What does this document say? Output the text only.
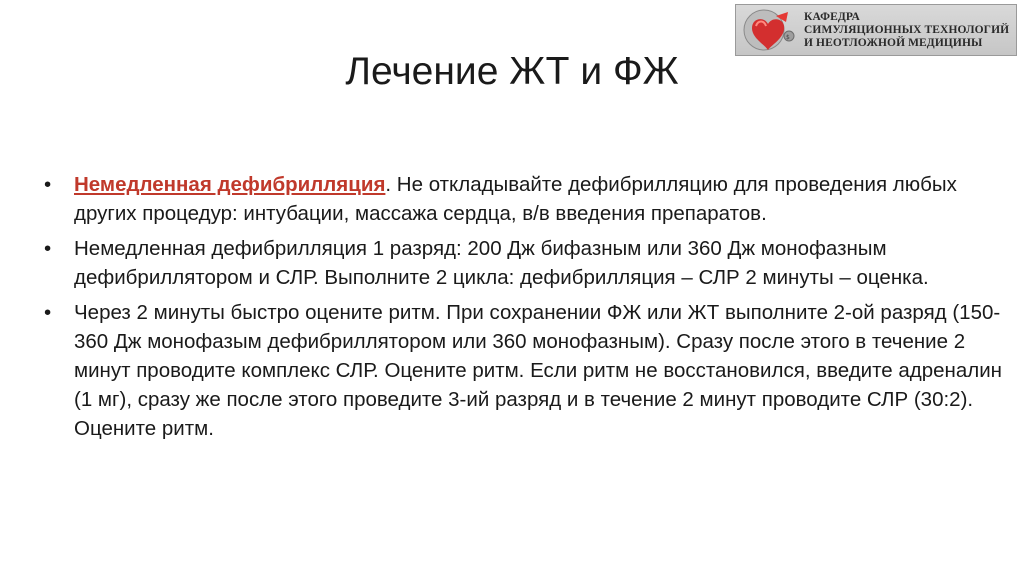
$
КАФЕДРА
СИМУЛЯЦИОННЫХ ТЕХНОЛОГИЙ
И НЕОТЛОЖНОЙ МЕДИЦИНЫ
Лечение ЖТ и ФЖ
• Немедленная дефибрилляция. Не откладывайте дефибрилляцию для проведения любых других процедур: интубации, массажа сердца, в/в введения препаратов.
• Немедленная дефибрилляция 1 разряд: 200 Дж бифазным или 360 Дж монофазным дефибриллятором и СЛР. Выполните 2 цикла: дефибрилляция – СЛР 2 минуты – оценка.
• Через 2 минуты быстро оцените ритм. При сохранении ФЖ или ЖТ выполните 2-ой разряд (150-360 Дж монофазым дефибриллятором или 360 монофазным). Сразу после этого в течение 2 минут проводите комплекс СЛР. Оцените ритм. Если ритм не восстановился, введите адреналин (1 мг), сразу же после этого проведите 3-ий разряд и в течение 2 минут проводите СЛР (30:2). Оцените ритм.
